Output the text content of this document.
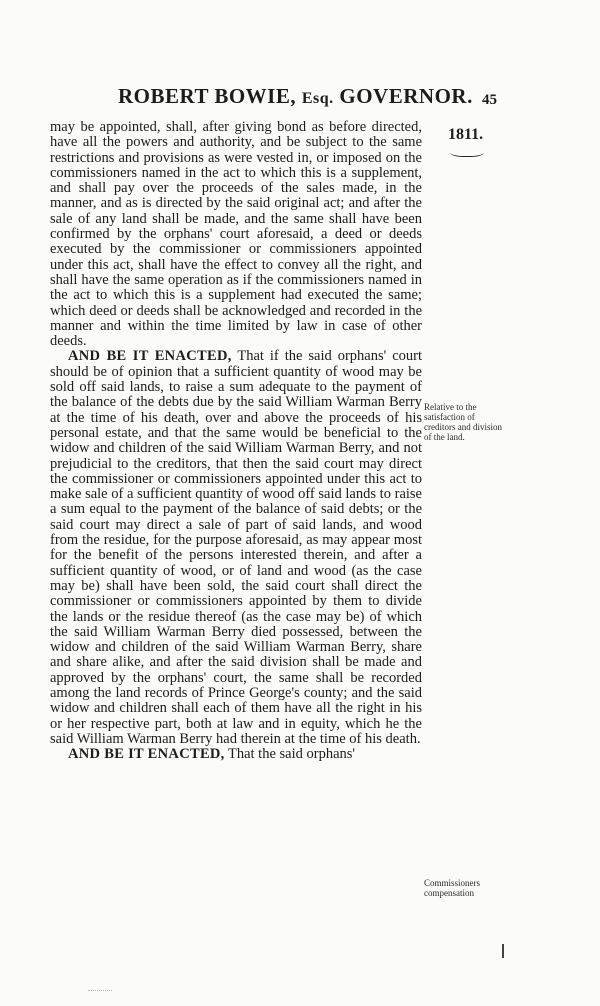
ROBERT BOWIE, Esq. GOVERNOR. 45
1811.

may be appointed, shall, after giving bond as before directed, have all the powers and authority, and be subject to the same restrictions and provisions as were vested in, or imposed on the commissioners named in the act to which this is a supplement, and shall pay over the proceeds of the sales made, in the manner, and as is directed by the said original act; and after the sale of any land shall be made, and the same shall have been confirmed by the orphans' court aforesaid, a deed or deeds executed by the commissioner or commissioners appointed under this act, shall have the effect to convey all the right, and shall have the same operation as if the commissioners named in the act to which this is a supplement had executed the same; which deed or deeds shall be acknowledged and recorded in the manner and within the time limited by law in case of other deeds.

AND BE IT ENACTED, That if the said orphans' court should be of opinion that a sufficient quantity of wood may be sold off said lands, to raise a sum adequate to the payment of the balance of the debts due by the said William Warman Berry at the time of his death, over and above the proceeds of his personal estate, and that the same would be beneficial to the widow and children of the said William Warman Berry, and not prejudicial to the creditors, that then the said court may direct the commissioner or commissioners appointed under this act to make sale of a sufficient quantity of wood off said lands to raise a sum equal to the payment of the balance of said debts; or the said court may direct a sale of part of said lands, and wood from the residue, for the purpose aforesaid, as may appear most for the benefit of the persons interested therein, and after a sufficient quantity of wood, or of land and wood (as the case may be) shall have been sold, the said court shall direct the commissioner or commissioners appointed by them to divide the lands or the residue thereof (as the case may be) of which the said William Warman Berry died possessed, between the widow and children of the said William Warman Berry, share and share alike, and after the said division shall be made and approved by the orphans' court, the same shall be recorded among the land records of Prince George's county; and the said widow and children shall each of them have all the right in his or her respective part, both at law and in equity, which he the said William Warman Berry had therein at the time of his death.

AND BE IT ENACTED, That the said orphans'

Relative to the satisfaction of creditors and division of the land.
Commissioners compensation
